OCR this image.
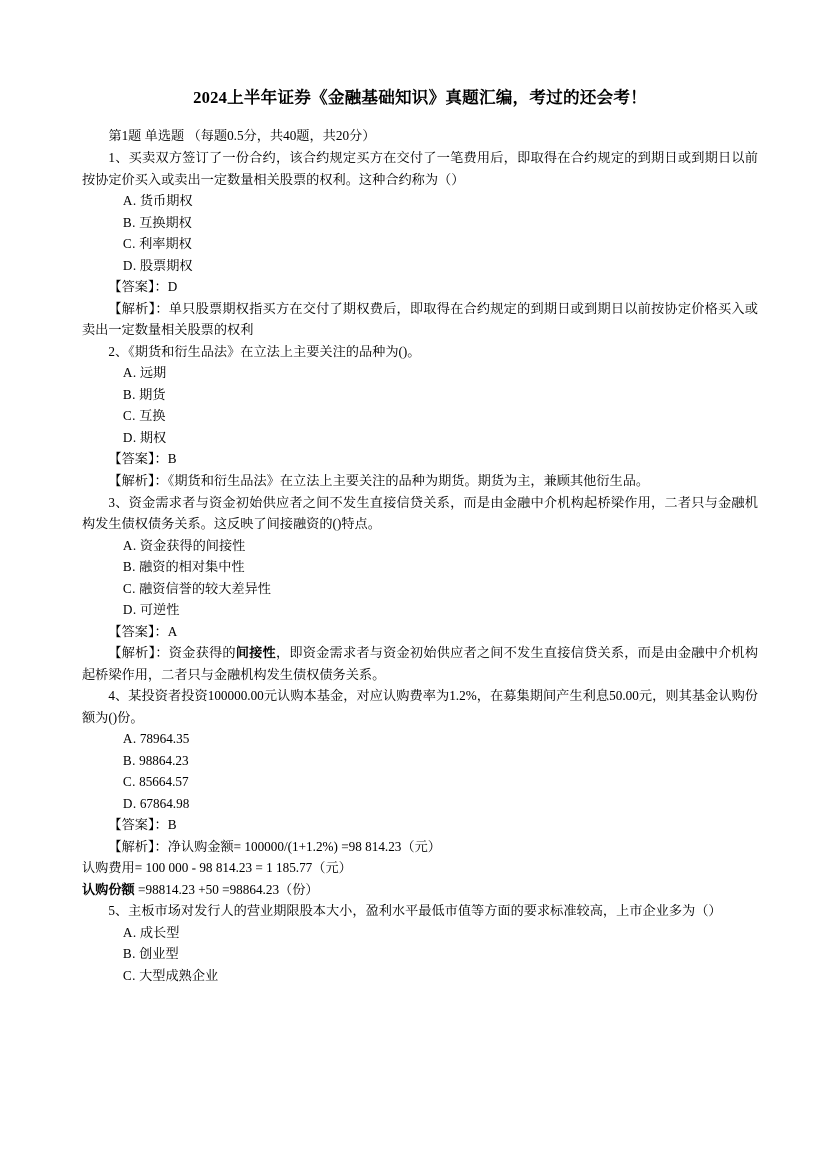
2024上半年证券《金融基础知识》真题汇编，考过的还会考！

第1题 单选题 （每题0.5分，共40题，共20分）

1、买卖双方签订了一份合约，该合约规定买方在交付了一笔费用后，即取得在合约规定的到期日或到期日以前按协定价买入或卖出一定数量相关股票的权利。这种合约称为（）

A. 货币期权

B. 互换期权

C. 利率期权

D. 股票期权

【答案】：D

【解析】：单只股票期权指买方在交付了期权费后，即取得在合约规定的到期日或到期日以前按协定价格买入或卖出一定数量相关股票的权利

2、《期货和衍生品法》在立法上主要关注的品种为()。

A. 远期

B. 期货

C. 互换

D. 期权

【答案】：B

【解析】：《期货和衍生品法》在立法上主要关注的品种为期货。期货为主，兼顾其他衍生品。

3、资金需求者与资金初始供应者之间不发生直接信贷关系，而是由金融中介机构起桥梁作用，二者只与金融机构发生债权债务关系。这反映了间接融资的()特点。

A. 资金获得的间接性

B. 融资的相对集中性

C. 融资信誉的较大差异性

D. 可逆性

【答案】：A

【解析】：资金获得的间接性，即资金需求者与资金初始供应者之间不发生直接信贷关系，而是由金融中介机构起桥梁作用，二者只与金融机构发生债权债务关系。

4、某投资者投资100000.00元认购本基金，对应认购费率为1.2%，在募集期间产生利息50.00元，则其基金认购份额为()份。

A. 78964.35

B. 98864.23

C. 85664.57

D. 67864.98

【答案】：B

【解析】：净认购金额= 100000/(1+1.2%) =98 814.23（元）

认购费用= 100 000 - 98 814.23 = 1 185.77（元）

认购份额 =98814.23 +50 =98864.23（份）

5、主板市场对发行人的营业期限股本大小，盈利水平最低市值等方面的要求标准较高，上市企业多为（）

A. 成长型

B. 创业型

C. 大型成熟企业
